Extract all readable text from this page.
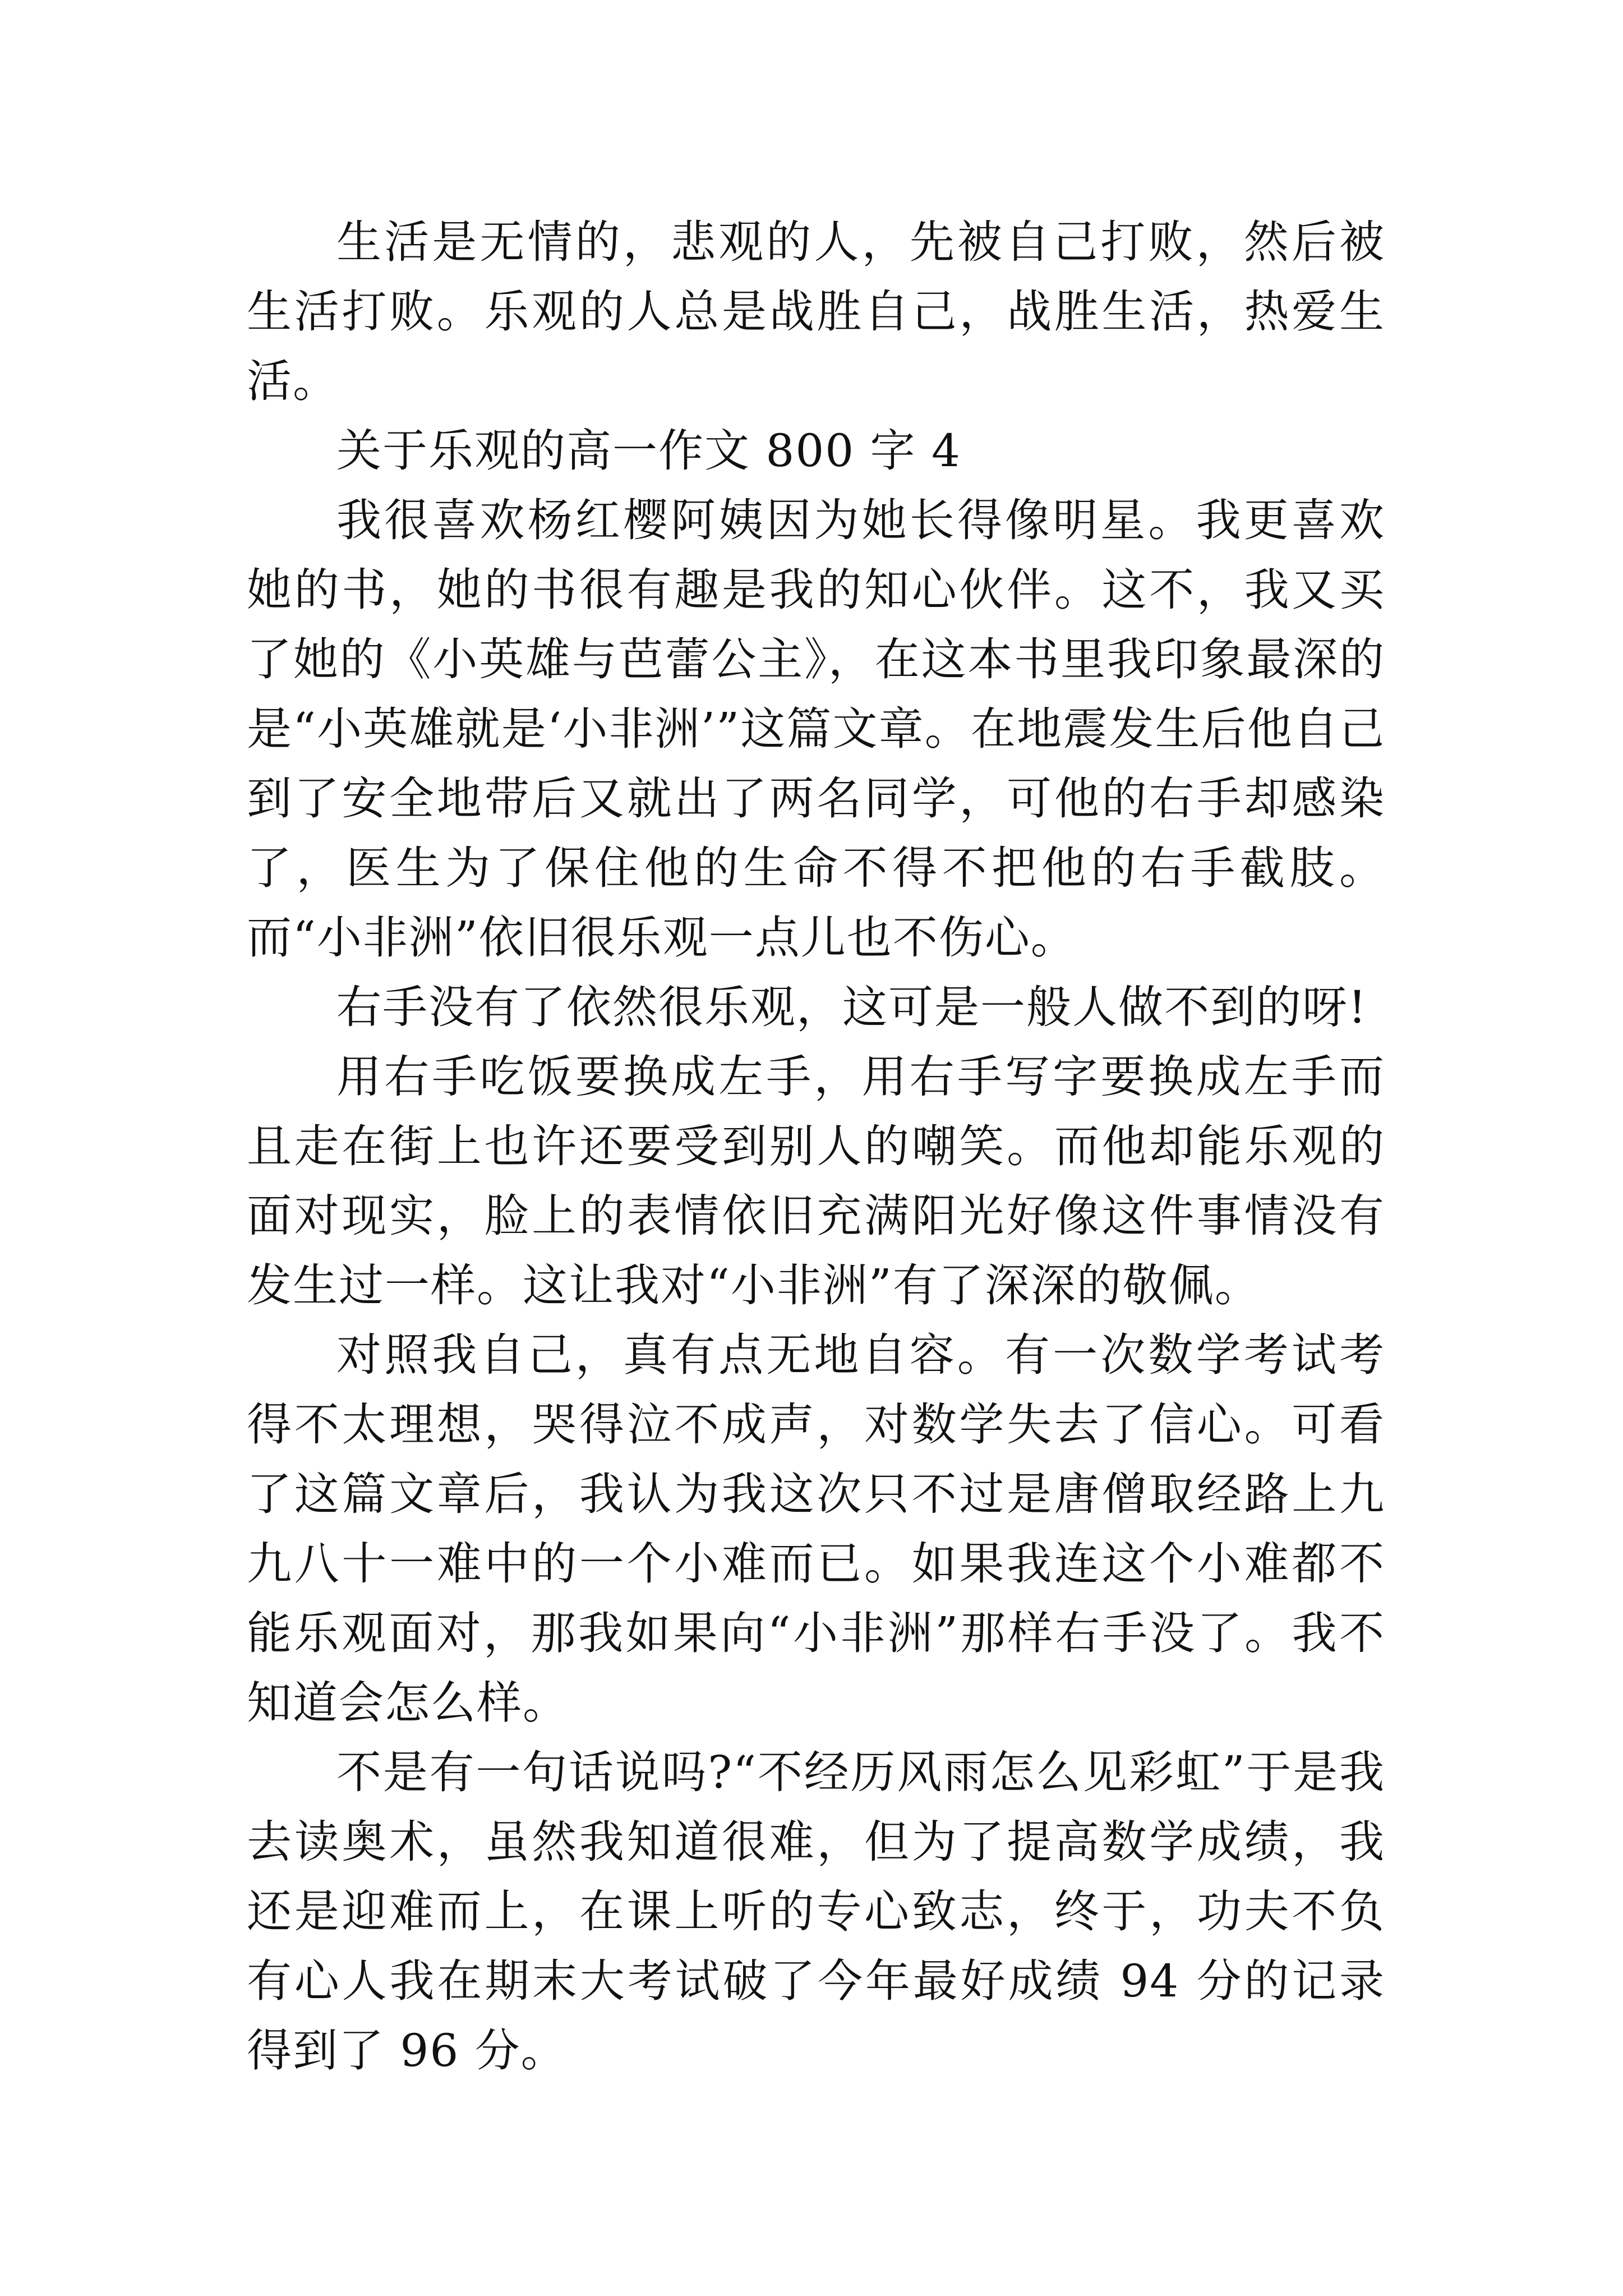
生活是无情的，悲观的人，先被自己打败，然后被生活打败。乐观的人总是战胜自己，战胜生活，热爱生活。

关于乐观的高一作文 800 字 4

我很喜欢杨红樱阿姨因为她长得像明星。我更喜欢她的书，她的书很有趣是我的知心伙伴。这不，我又买了她的《小英雄与芭蕾公主》，在这本书里我印象最深的是“小英雄就是‘小非洲’”这篇文章。在地震发生后他自己到了安全地带后又就出了两名同学，可他的右手却感染了，医生为了保住他的生命不得不把他的右手截肢。而“小非洲”依旧很乐观一点儿也不伤心。

右手没有了依然很乐观，这可是一般人做不到的呀!

用右手吃饭要换成左手，用右手写字要换成左手而且走在街上也许还要受到别人的嘲笑。而他却能乐观的面对现实，脸上的表情依旧充满阳光好像这件事情没有发生过一样。这让我对“小非洲”有了深深的敬佩。

对照我自己，真有点无地自容。有一次数学考试考得不太理想，哭得泣不成声，对数学失去了信心。可看了这篇文章后，我认为我这次只不过是唐僧取经路上九九八十一难中的一个小难而已。如果我连这个小难都不能乐观面对，那我如果向“小非洲”那样右手没了。我不知道会怎么样。

不是有一句话说吗?“不经历风雨怎么见彩虹”于是我去读奥术，虽然我知道很难，但为了提高数学成绩，我还是迎难而上，在课上听的专心致志，终于，功夫不负有心人我在期末大考试破了今年最好成绩 94 分的记录得到了 96 分。
